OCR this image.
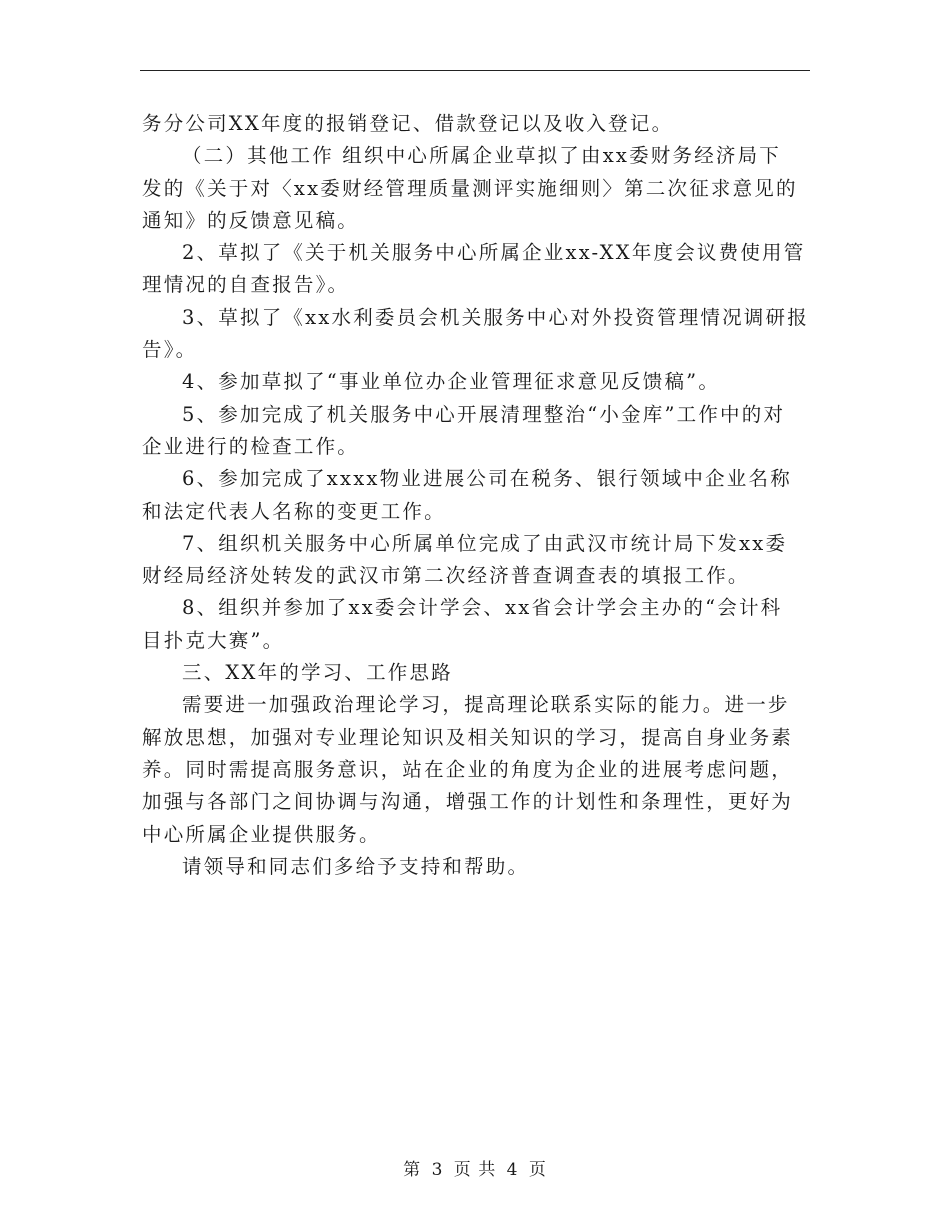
务分公司XX年度的报销登记、借款登记以及收入登记。
（二）其他工作 组织中心所属企业草拟了由xx委财务经济局下
发的《关于对〈xx委财经管理质量测评实施细则〉第二次征求意见的
通知》的反馈意见稿。
2、草拟了《关于机关服务中心所属企业xx-XX年度会议费使用管
理情况的自查报告》。
3、草拟了《xx水利委员会机关服务中心对外投资管理情况调研报
告》。
4、参加草拟了“事业单位办企业管理征求意见反馈稿”。
5、参加完成了机关服务中心开展清理整治“小金库”工作中的对
企业进行的检查工作。
6、参加完成了xxxx物业进展公司在税务、银行领域中企业名称
和法定代表人名称的变更工作。
7、组织机关服务中心所属单位完成了由武汉市统计局下发xx委
财经局经济处转发的武汉市第二次经济普查调查表的填报工作。
8、组织并参加了xx委会计学会、xx省会计学会主办的“会计科
目扑克大赛”。
三、XX年的学习、工作思路
需要进一加强政治理论学习，提高理论联系实际的能力。进一步
解放思想，加强对专业理论知识及相关知识的学习，提高自身业务素
养。同时需提高服务意识，站在企业的角度为企业的进展考虑问题，
加强与各部门之间协调与沟通，增强工作的计划性和条理性，更好为
中心所属企业提供服务。
请领导和同志们多给予支持和帮助。
第 3 页 共 4 页
